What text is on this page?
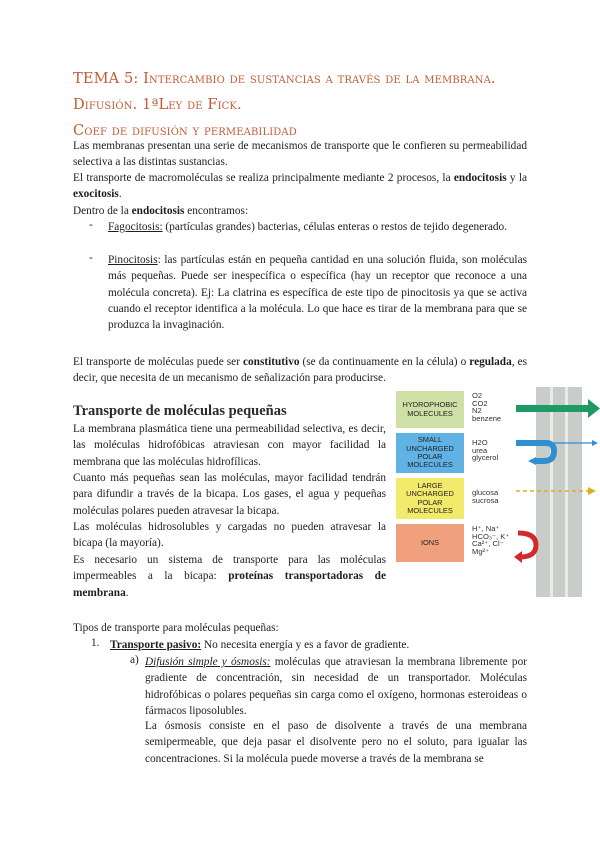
TEMA 5: Intercambio de sustancias a través de la membrana. Difusión. 1ªLey de Fick.
Coef de difusión y permeabilidad
Las membranas presentan una serie de mecanismos de transporte que le confieren su permeabilidad selectiva a las distintas sustancias.
El transporte de macromoléculas se realiza principalmente mediante 2 procesos, la endocitosis y la exocitosis.
Dentro de la endocitosis encontramos:
- Fagocitosis: (partículas grandes) bacterias, células enteras o restos de tejido degenerado.
- Pinocitosis: las partículas están en pequeña cantidad en una solución fluida, son moléculas más pequeñas. Puede ser inespecífica o específica (hay un receptor que reconoce a una molécula concreta). Ej: La clatrina es específica de este tipo de pinocitosis ya que se activa cuando el receptor identifica a la molécula. Lo que hace es tirar de la membrana para que se produzca la invaginación.
El transporte de moléculas puede ser constitutivo (se da continuamente en la célula) o regulada, es decir, que necesita de un mecanismo de señalización para producirse.
Transporte de moléculas pequeñas
La membrana plasmática tiene una permeabilidad selectiva, es decir, las moléculas hidrofóbicas atraviesan con mayor facilidad la membrana que las moléculas hidrofílicas.
Cuanto más pequeñas sean las moléculas, mayor facilidad tendrán para difundir a través de la bicapa. Los gases, el agua y pequeñas moléculas polares pueden atravesar la bicapa.
Las moléculas hidrosolubles y cargadas no pueden atravesar la bicapa (la mayoría).
Es necesario un sistema de transporte para las moléculas impermeables a la bicapa: proteínas transportadoras de membrana.
HYDROPHOBIC MOLECULES
O2
CO2
N2
benzene
SMALL UNCHARGED POLAR MOLECULES
H2O
urea
glycerol
LARGE UNCHARGED POLAR MOLECULES
glucosa
sucrosa
IONS
H⁺, Na⁺
HCO₃⁻, K⁺
Ca²⁺, Cl⁻
Mg²⁺
Tipos de transporte para moléculas pequeñas:
1. Transporte pasivo: No necesita energía y es a favor de gradiente.
a) Difusión simple y ósmosis: moléculas que atraviesan la membrana libremente por gradiente de concentración, sin necesidad de un transportador. Moléculas hidrofóbicas o polares pequeñas sin carga como el oxígeno, hormonas esteroideas o fármacos liposolubles.
La ósmosis consiste en el paso de disolvente a través de una membrana semipermeable, que deja pasar el disolvente pero no el soluto, para igualar las concentraciones. Si la molécula puede moverse a través de la membrana se
